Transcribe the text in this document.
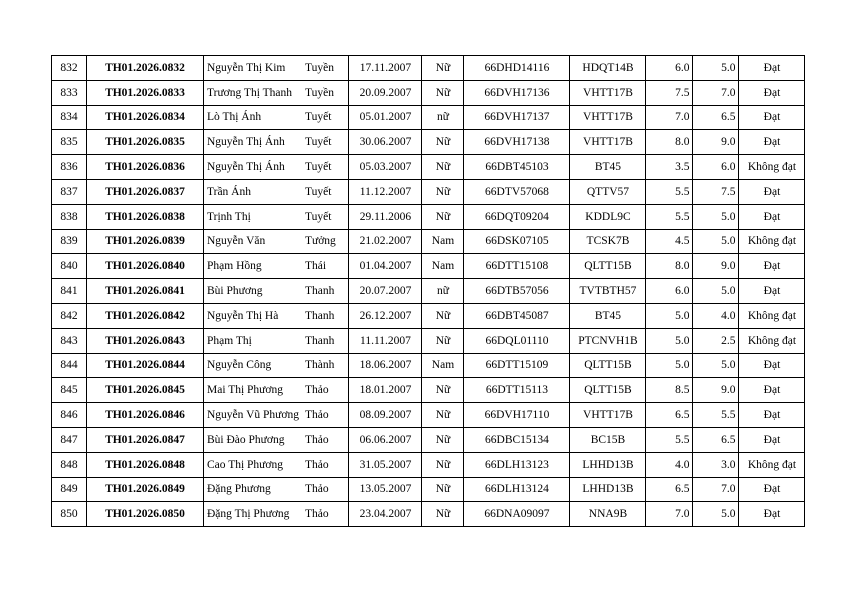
832	TH01.2026.0832	Nguyễn Thị Kim	Tuyền	17.11.2007	Nữ	66DHD14116	HDQT14B	6.0	5.0	Đạt
833	TH01.2026.0833	Trương Thị Thanh	Tuyền	20.09.2007	Nữ	66DVH17136	VHTT17B	7.5	7.0	Đạt
834	TH01.2026.0834	Lò Thị Ánh	Tuyết	05.01.2007	nữ	66DVH17137	VHTT17B	7.0	6.5	Đạt
835	TH01.2026.0835	Nguyễn Thị Ánh	Tuyết	30.06.2007	Nữ	66DVH17138	VHTT17B	8.0	9.0	Đạt
836	TH01.2026.0836	Nguyễn Thị Ánh	Tuyết	05.03.2007	Nữ	66DBT45103	BT45	3.5	6.0	Không đạt
837	TH01.2026.0837	Trần Ánh	Tuyết	11.12.2007	Nữ	66DTV57068	QTTV57	5.5	7.5	Đạt
838	TH01.2026.0838	Trịnh Thị	Tuyết	29.11.2006	Nữ	66DQT09204	KDDL9C	5.5	5.0	Đạt
839	TH01.2026.0839	Nguyễn Văn	Tưởng	21.02.2007	Nam	66DSK07105	TCSK7B	4.5	5.0	Không đạt
840	TH01.2026.0840	Phạm Hồng	Thái	01.04.2007	Nam	66DTT15108	QLTT15B	8.0	9.0	Đạt
841	TH01.2026.0841	Bùi Phương	Thanh	20.07.2007	nữ	66DTB57056	TVTBTH57	6.0	5.0	Đạt
842	TH01.2026.0842	Nguyễn Thị Hà	Thanh	26.12.2007	Nữ	66DBT45087	BT45	5.0	4.0	Không đạt
843	TH01.2026.0843	Phạm Thị	Thanh	11.11.2007	Nữ	66DQL01110	PTCNVH1B	5.0	2.5	Không đạt
844	TH01.2026.0844	Nguyễn Công	Thành	18.06.2007	Nam	66DTT15109	QLTT15B	5.0	5.0	Đạt
845	TH01.2026.0845	Mai Thị Phương	Thảo	18.01.2007	Nữ	66DTT15113	QLTT15B	8.5	9.0	Đạt
846	TH01.2026.0846	Nguyễn Vũ Phương	Thảo	08.09.2007	Nữ	66DVH17110	VHTT17B	6.5	5.5	Đạt
847	TH01.2026.0847	Bùi Đào Phương	Thảo	06.06.2007	Nữ	66DBC15134	BC15B	5.5	6.5	Đạt
848	TH01.2026.0848	Cao Thị Phương	Thảo	31.05.2007	Nữ	66DLH13123	LHHD13B	4.0	3.0	Không đạt
849	TH01.2026.0849	Đặng Phương	Thảo	13.05.2007	Nữ	66DLH13124	LHHD13B	6.5	7.0	Đạt
850	TH01.2026.0850	Đặng Thị Phương	Thảo	23.04.2007	Nữ	66DNA09097	NNA9B	7.0	5.0	Đạt
